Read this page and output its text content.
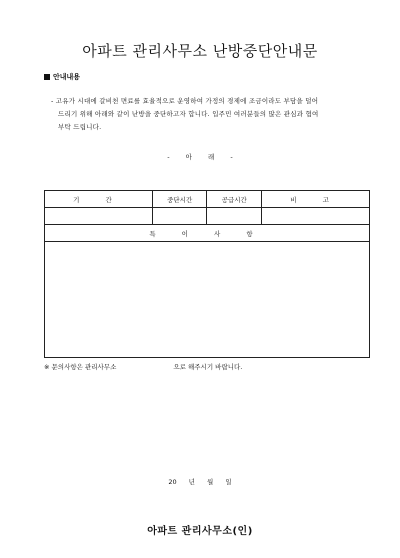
아파트 관리사무소 난방중단안내문
안내내용
- 고유가 시대에 갈비천 면료를 효율적으로 운영하여 가정의 경제에 조금이라도 부담을 덜어
드리기 위해 아래와 같이 난방을 중단하고자 합니다. 입주민 여러분들의 많은 관심과 협여
부탁 드립니다.
- 아 래 -
기 간	중단시간	공급시간	비 고

특 이 사 항			

※ 문의사항은 관리사무소	으로 해주시기 바랍니다.
20 년 월 일
아파트 관리사무소(인)
